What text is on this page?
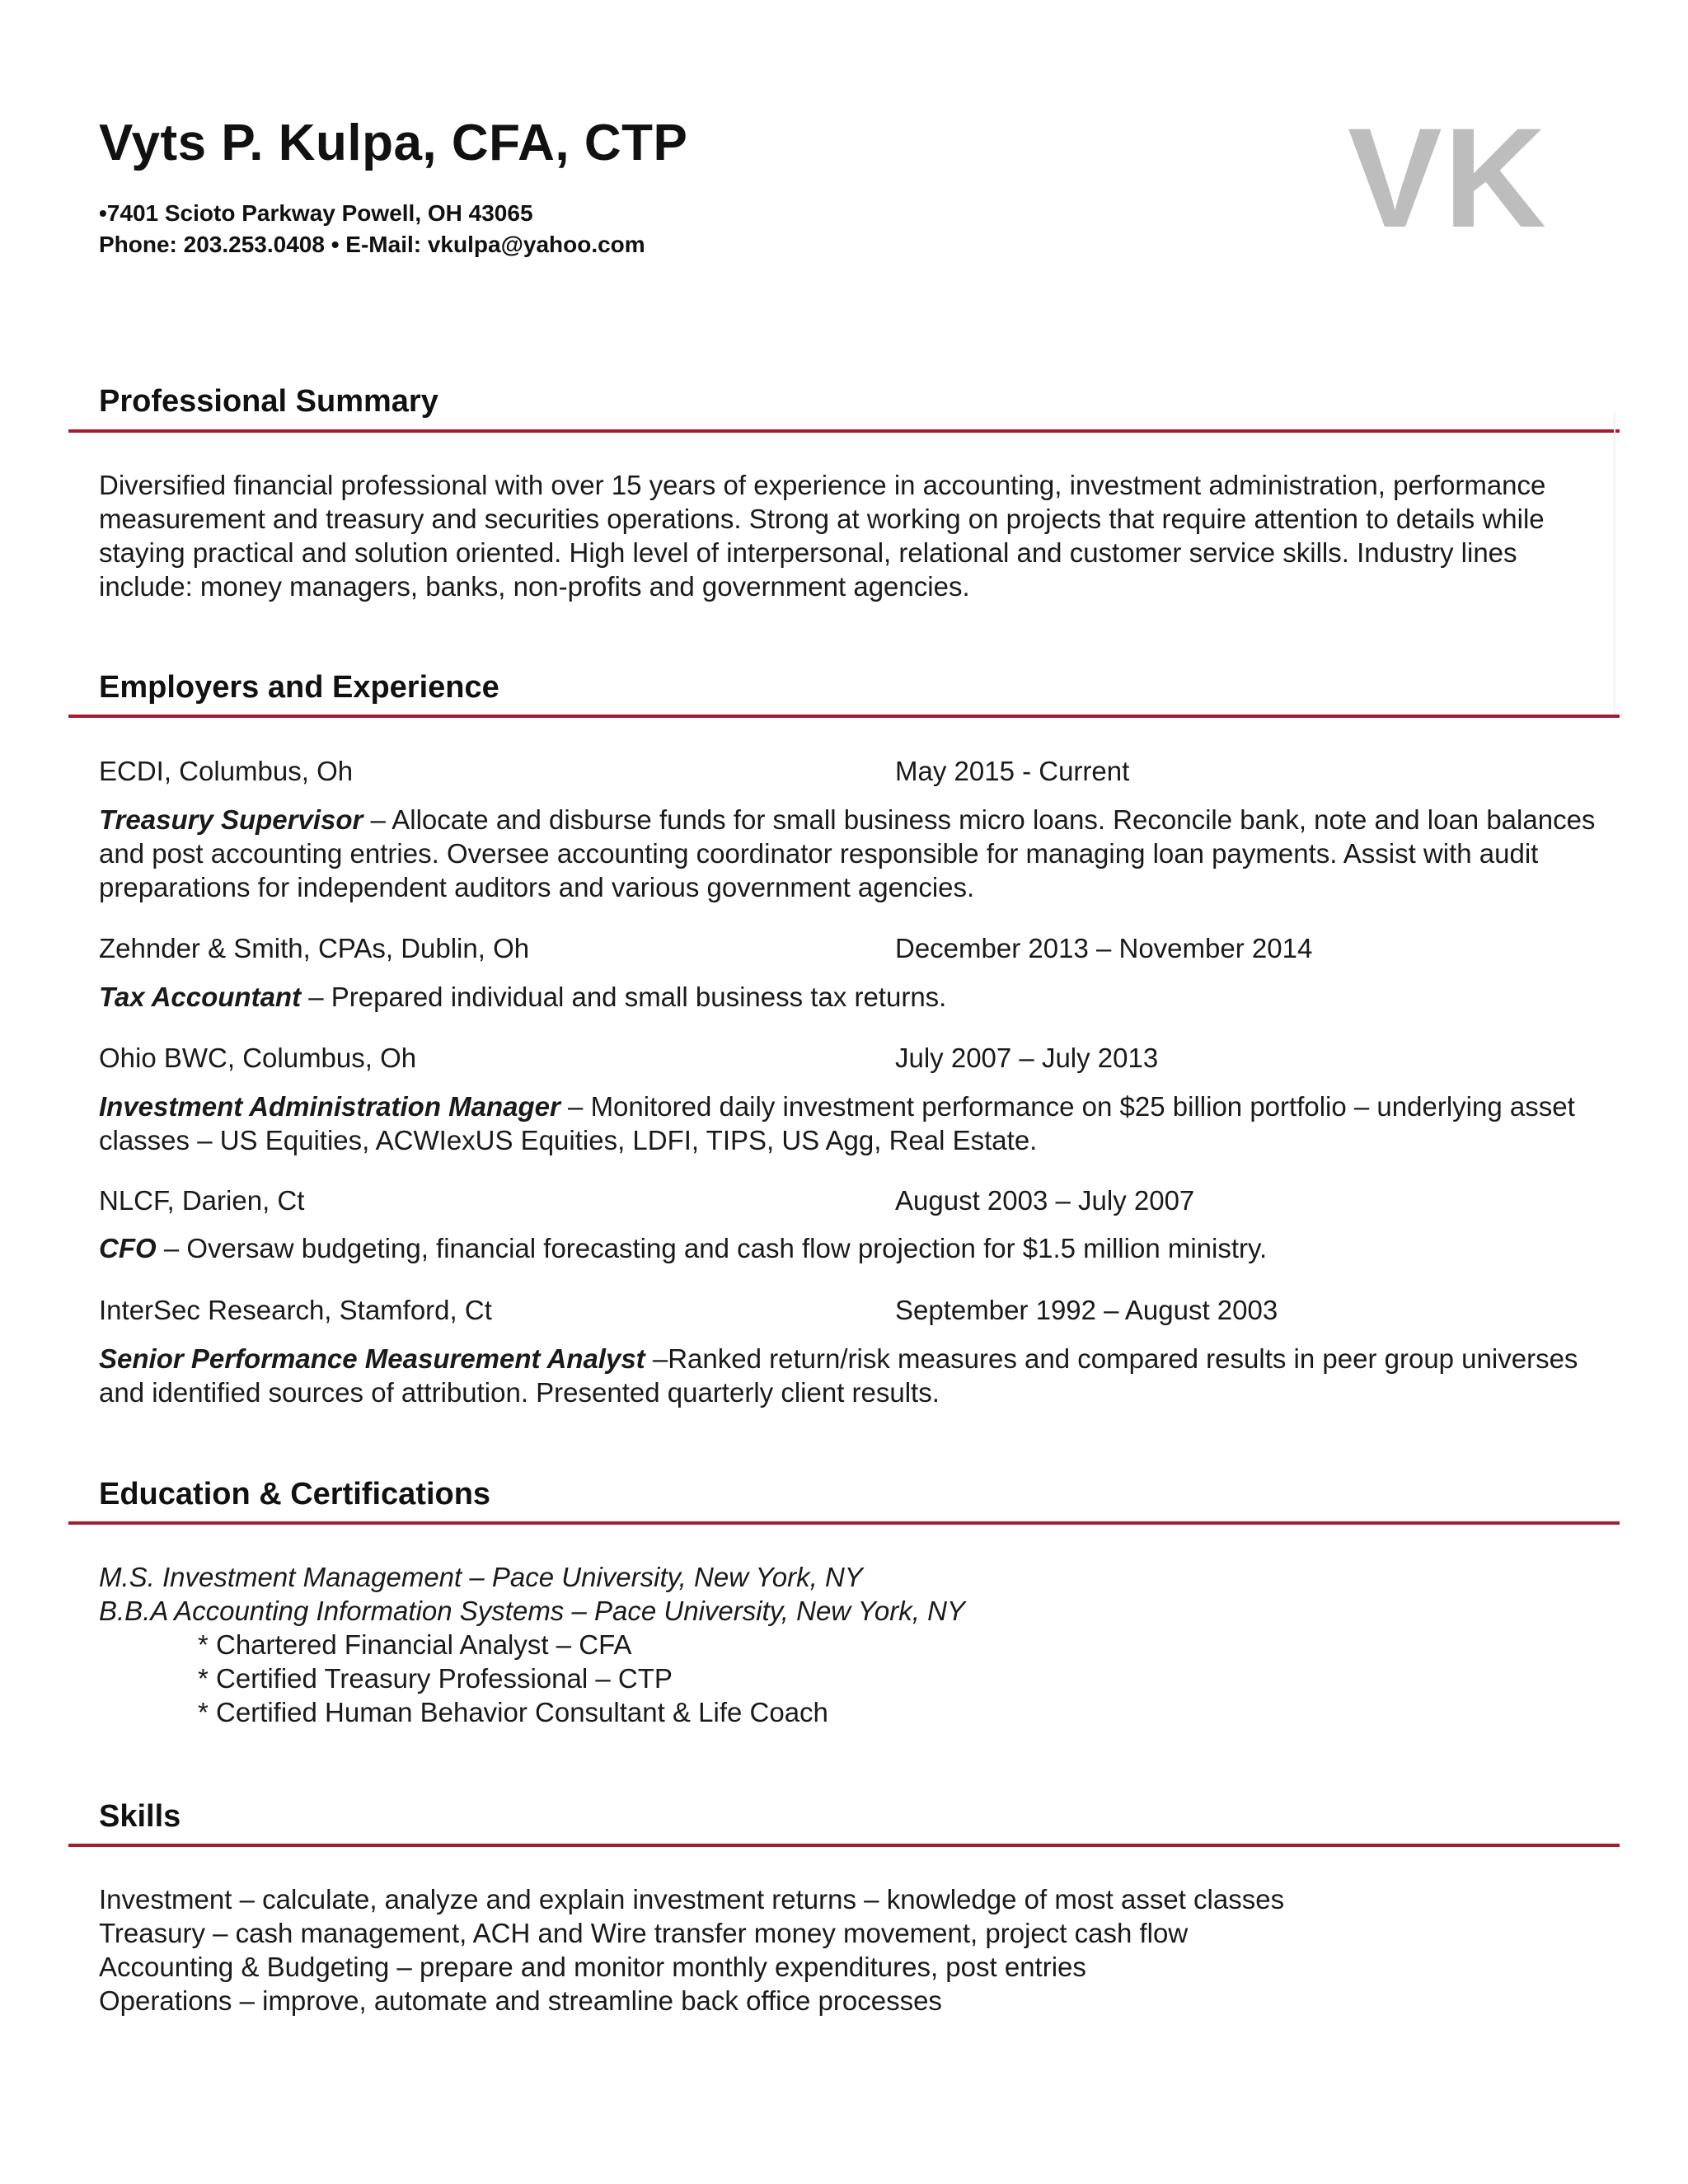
Vyts P. Kulpa, CFA, CTP
•7401 Scioto Parkway Powell, OH 43065
Phone: 203.253.0408 • E-Mail: vkulpa@yahoo.com	VK
Professional Summary

Diversified financial professional with over 15 years of experience in accounting, investment administration, performance measurement and treasury and securities operations. Strong at working on projects that require attention to details while staying practical and solution oriented. High level of interpersonal, relational and customer service skills. Industry lines include: money managers, banks, non-profits and government agencies.

Employers and Experience
ECDI, Columbus, Oh	May 2015 - Current

Treasury Supervisor – Allocate and disburse funds for small business micro loans. Reconcile bank, note and loan balances and post accounting entries. Oversee accounting coordinator responsible for managing loan payments. Assist with audit preparations for independent auditors and various government agencies.

Zehnder & Smith, CPAs, Dublin, Oh	December 2013 – November 2014

Tax Accountant – Prepared individual and small business tax returns.

Ohio BWC, Columbus, Oh	July 2007 – July 2013

Investment Administration Manager – Monitored daily investment performance on $25 billion portfolio – underlying asset classes – US Equities, ACWIexUS Equities, LDFI, TIPS, US Agg, Real Estate.

NLCF, Darien, Ct	August 2003 – July 2007

CFO – Oversaw budgeting, financial forecasting and cash flow projection for $1.5 million ministry.

InterSec Research, Stamford, Ct	September 1992 – August 2003

Senior Performance Measurement Analyst –Ranked return/risk measures and compared results in peer group universes and identified sources of attribution. Presented quarterly client results.

Education & Certifications
M.S. Investment Management – Pace University, New York, NY
B.B.A Accounting Information Systems – Pace University, New York, NY
* Chartered Financial Analyst – CFA
* Certified Treasury Professional – CTP
* Certified Human Behavior Consultant & Life Coach
Skills
Investment – calculate, analyze and explain investment returns – knowledge of most asset classes
Treasury – cash management, ACH and Wire transfer money movement, project cash flow
Accounting & Budgeting – prepare and monitor monthly expenditures, post entries
Operations – improve, automate and streamline back office processes
